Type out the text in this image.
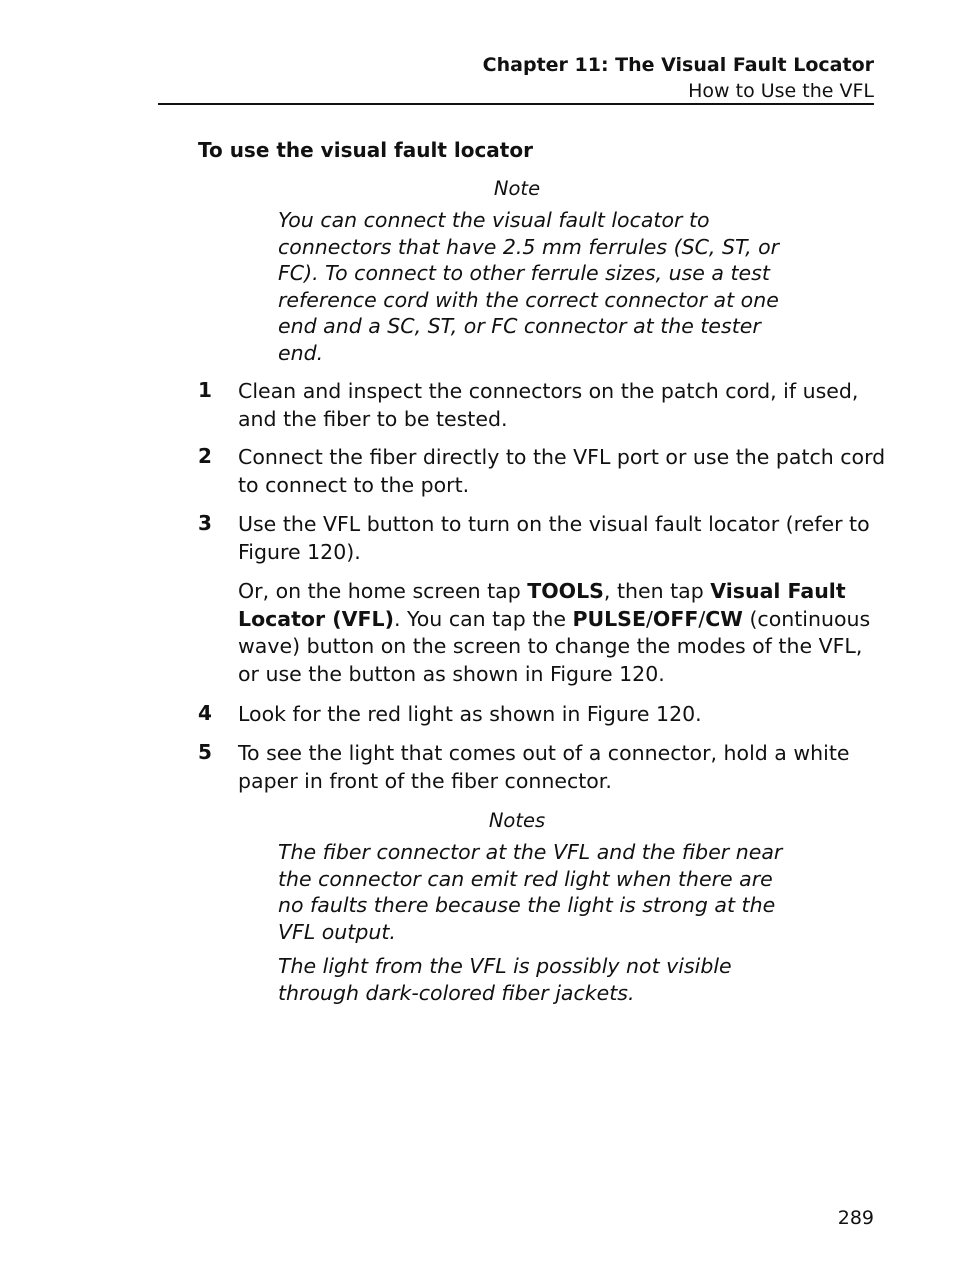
Chapter 11: The Visual Fault Locator
How to Use the VFL
To use the visual fault locator
Note

You can connect the visual fault locator to connectors that have 2.5 mm ferrules (SC, ST, or FC). To connect to other ferrule sizes, use a test reference cord with the correct connector at one end and a SC, ST, or FC connector at the tester end.

1 Clean and inspect the connectors on the patch cord, if used, and the fiber to be tested.

2 Connect the fiber directly to the VFL port or use the patch cord to connect to the port.

3 Use the VFL button to turn on the visual fault locator (refer to Figure 120).

Or, on the home screen tap TOOLS, then tap Visual Fault Locator (VFL). You can tap the PULSE/OFF/CW (continuous wave) button on the screen to change the modes of the VFL, or use the button as shown in Figure 120.

4 Look for the red light as shown in Figure 120.

5 To see the light that comes out of a connector, hold a white paper in front of the fiber connector.

Notes

The fiber connector at the VFL and the fiber near the connector can emit red light when there are no faults there because the light is strong at the VFL output.

The light from the VFL is possibly not visible through dark-colored fiber jackets.

289
